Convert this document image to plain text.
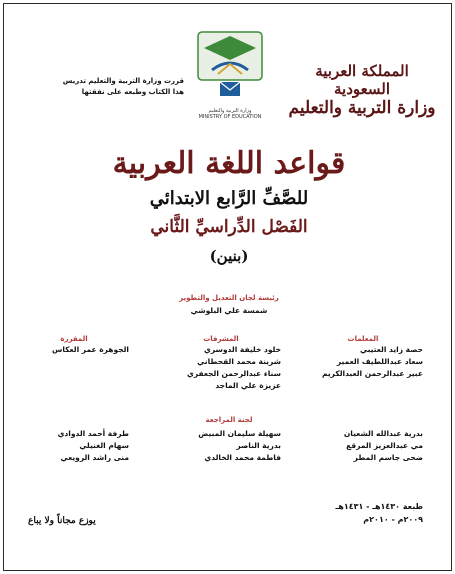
المملكة العربية السعودية
وزارة التربية والتعليم
وزارة التربية والتعليم
MINISTRY OF EDUCATION
قررت وزارة التربية والتعليم تدريس
هذا الكتاب وطبعه على نفقتها
قواعد اللغة العربية
للصَّفِّ الرَّابع الابتدائي
الفَصْل الدِّراسيِّ الثَّاني
(بنين)
رئيسة لجان التعديل والتطوير
شمسة علي البلوشي
المعلمات
حصة زايد العتيبي
سعاد عبداللطيف العمير
عبير عبدالرحمن العبدالكريم
المشرفات
خلود خليفة الدوسري
شرينة محمد القحطاني
سناء عبدالرحمن الجعفري
عزيزة علي الماجد
المقررة
الجوهرة عمر العكاس
لجنة المراجعة
بدرية عبدالله الشعيان
مي عبدالعزيز المرقع
ضحى جاسم المطر
سهيلة سليمان المبيض
بدرية الناصر
فاطمة محمد الخالدي
طرفة أحمد الدوادي
سهام الغنيلي
منى راشد الرويعي
طبعة ١٤٣٠هـ - ١٤٣١هـ
٢٠٠٩م - ٢٠١٠م
يوزع مجاناً ولا يباع
